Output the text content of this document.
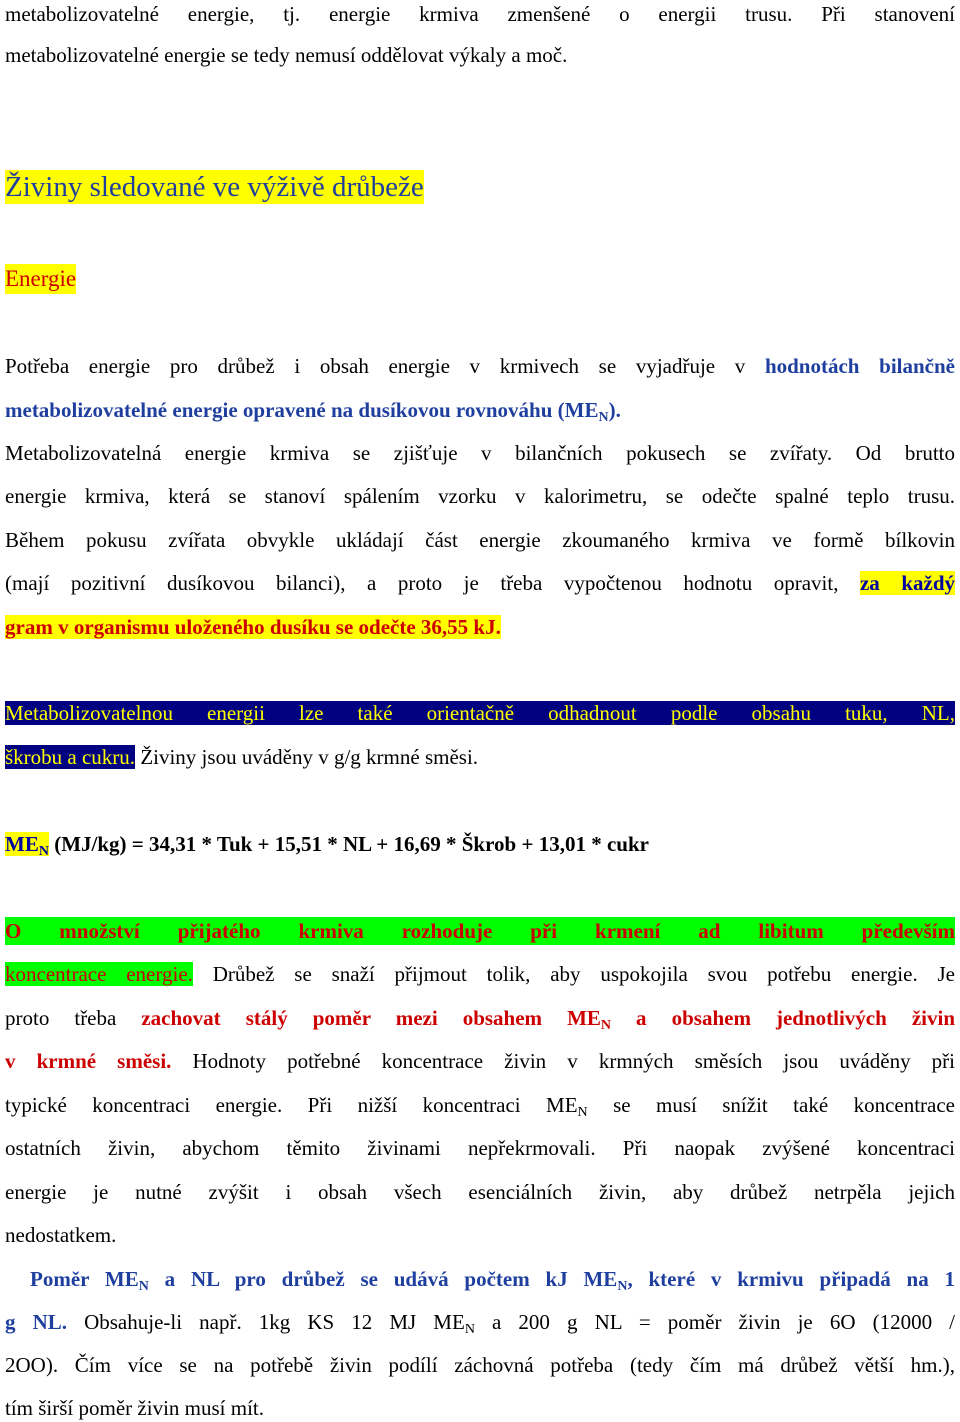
metabolizovatelné energie, tj. energie krmiva zmenšené o energii trusu. Při stanovení
metabolizovatelné energie se tedy nemusí oddělovat výkaly a moč.
Živiny sledované ve výživě drůbeže
Energie
Potřeba energie pro drůbež i obsah energie v krmivech se vyjadřuje v hodnotách bilančně
metabolizovatelné energie opravené na dusíkovou rovnováhu $(ME_N)$.
Metabolizovatelná energie krmiva se zjišťuje v bilančních pokusech se zvířaty. Od brutto
energie krmiva, která se stanoví spálením vzorku v kalorimetru, se odečte spalné teplo trusu.
Během pokusu zvířata obvykle ukládají část energie zkoumaného krmiva ve formě bílkovin
(mají pozitivní dusíkovou bilanci), a proto je třeba vypočtenou hodnotu opravit, za každý
gram v organismu uloženého dusíku se odečte 36,55 kJ.
Metabolizovatelnou energii lze také orientačně odhadnout podle obsahu tuku, NL,
škrobu a cukru. Živiny jsou uváděny v g/g krmné směsi.
$ME_N$ (MJ/kg) = 34,31 * Tuk + 15,51 * NL + 16,69 * Škrob + 13,01 * cukr
O množství přijatého krmiva rozhoduje při krmení ad libitum především
koncentrace energie. Drůbež se snaží přijmout tolik, aby uspokojila svou potřebu energie. Je
proto třeba zachovat stálý poměr mezi obsahem $ME_N$ a obsahem jednotlivých živin
v krmné směsi. Hodnoty potřebné koncentrace živin v krmných směsích jsou uváděny při
typické koncentraci energie. Při nižší koncentraci $ME_N$ se musí snížit také koncentrace
ostatních živin, abychom těmito živinami nepřekrmovali. Při naopak zvýšené koncentraci
energie je nutné zvýšit i obsah všech esenciálních živin, aby drůbež netrpěla jejich
nedostatkem.
Poměr $ME_N$ a NL pro drůbež se udává počtem kJ $ME_N$, které v krmivu připadá na 1
g NL. Obsahuje-li např. 1kg KS 12 MJ $ME_N$ a 200 g NL = poměr živin je 6O (12000 /
2OO). Čím více se na potřebě živin podílí záchovná potřeba (tedy čím má drůbež větší hm.),
tím širší poměr živin musí mít.
